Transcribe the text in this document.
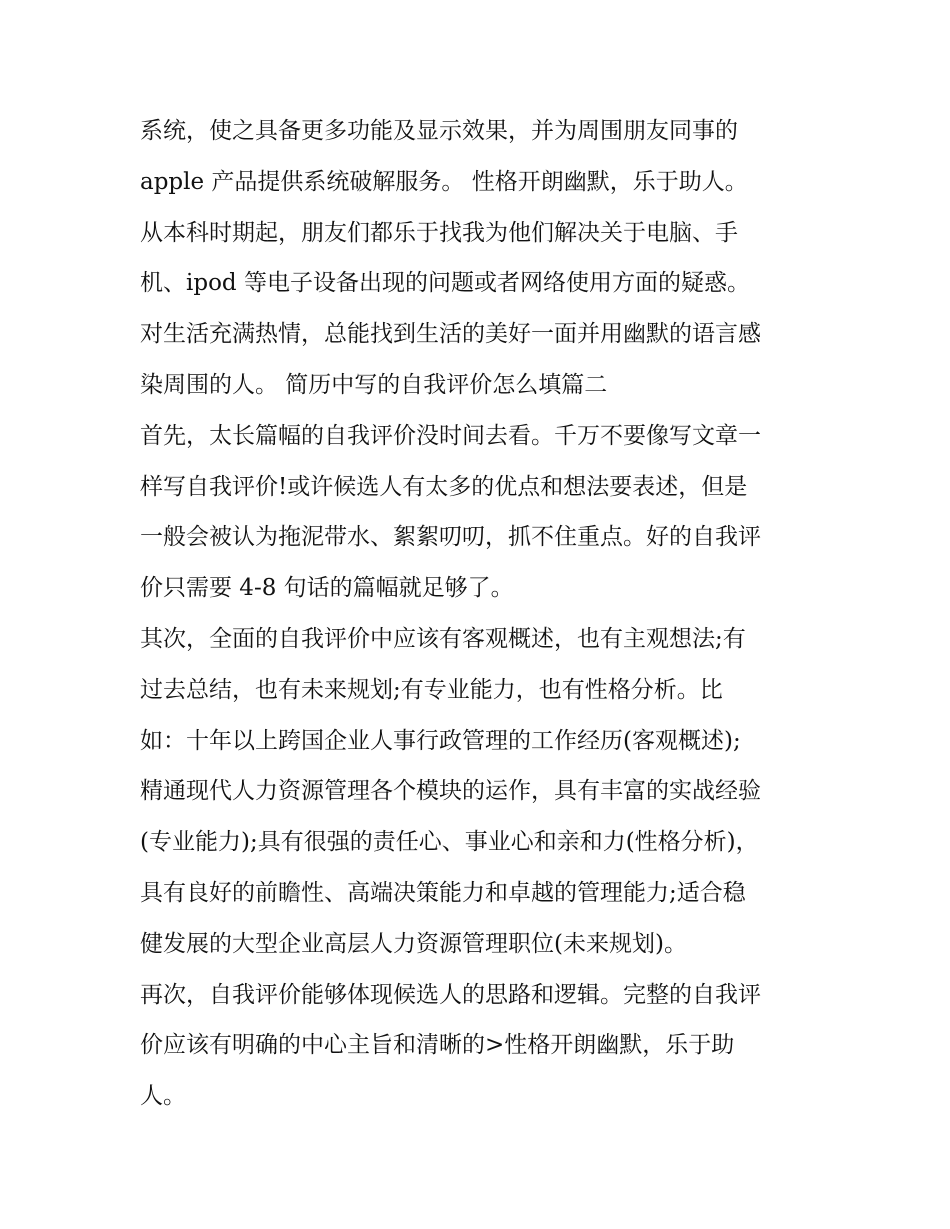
系统，使之具备更多功能及显示效果，并为周围朋友同事的
apple 产品提供系统破解服务。 性格开朗幽默，乐于助人。
从本科时期起，朋友们都乐于找我为他们解决关于电脑、手
机、ipod 等电子设备出现的问题或者网络使用方面的疑惑。
对生活充满热情，总能找到生活的美好一面并用幽默的语言感
染周围的人。 简历中写的自我评价怎么填篇二
首先，太长篇幅的自我评价没时间去看。千万不要像写文章一
样写自我评价!或许候选人有太多的优点和想法要表述，但是
一般会被认为拖泥带水、絮絮叨叨，抓不住重点。好的自我评
价只需要 4-8 句话的篇幅就足够了。
其次，全面的自我评价中应该有客观概述，也有主观想法;有
过去总结，也有未来规划;有专业能力，也有性格分析。比
如：十年以上跨国企业人事行政管理的工作经历(客观概述);
精通现代人力资源管理各个模块的运作，具有丰富的实战经验
(专业能力);具有很强的责任心、事业心和亲和力(性格分析)，
具有良好的前瞻性、高端决策能力和卓越的管理能力;适合稳
健发展的大型企业高层人力资源管理职位(未来规划)。
再次，自我评价能够体现候选人的思路和逻辑。完整的自我评
价应该有明确的中心主旨和清晰的>性格开朗幽默，乐于助
人。
